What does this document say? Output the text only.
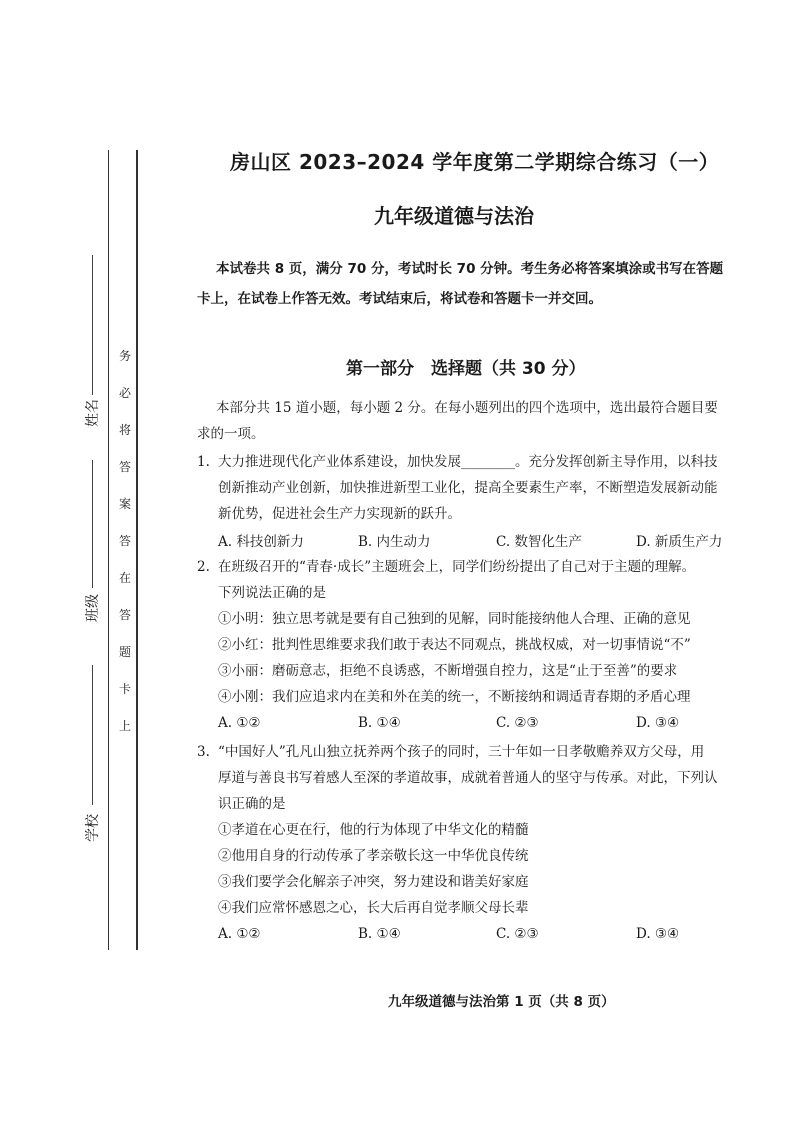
务
必
将
答
案
答
在
答
题
卡
上
姓名
班级
学校
房山区 2023–2024 学年度第二学期综合练习（一）
九年级道德与法治
本试卷共 8 页，满分 70 分，考试时长 70 分钟。考生务必将答案填涂或书写在答题
卡上，在试卷上作答无效。考试结束后，将试卷和答题卡一并交回。
第一部分　选择题（共 30 分）
本部分共 15 道小题，每小题 2 分。在每小题列出的四个选项中，选出最符合题目要
求的一项。
1. 大力推进现代化产业体系建设，加快发展________。充分发挥创新主导作用，以科技
创新推动产业创新，加快推进新型工业化，提高全要素生产率，不断塑造发展新动能
新优势，促进社会生产力实现新的跃升。
A. 科技创新力	B. 内生动力	C. 数智化生产	D. 新质生产力
2. 在班级召开的“青春·成长”主题班会上，同学们纷纷提出了自己对于主题的理解。
下列说法正确的是
①小明：独立思考就是要有自己独到的见解，同时能接纳他人合理、正确的意见
②小红：批判性思维要求我们敢于表达不同观点，挑战权威，对一切事情说“不”
③小丽：磨砺意志，拒绝不良诱惑，不断增强自控力，这是“止于至善”的要求
④小刚：我们应追求内在美和外在美的统一，不断接纳和调适青春期的矛盾心理
A. ①②	B. ①④	C. ②③	D. ③④
3. “中国好人”孔凡山独立抚养两个孩子的同时，三十年如一日孝敬赡养双方父母，用
厚道与善良书写着感人至深的孝道故事，成就着普通人的坚守与传承。对此，下列认
识正确的是
①孝道在心更在行，他的行为体现了中华文化的精髓
②他用自身的行动传承了孝亲敬长这一中华优良传统
③我们要学会化解亲子冲突，努力建设和谐美好家庭
④我们应常怀感恩之心，长大后再自觉孝顺父母长辈
A. ①②	B. ①④	C. ②③	D. ③④
九年级道德与法治第 1 页（共 8 页）
